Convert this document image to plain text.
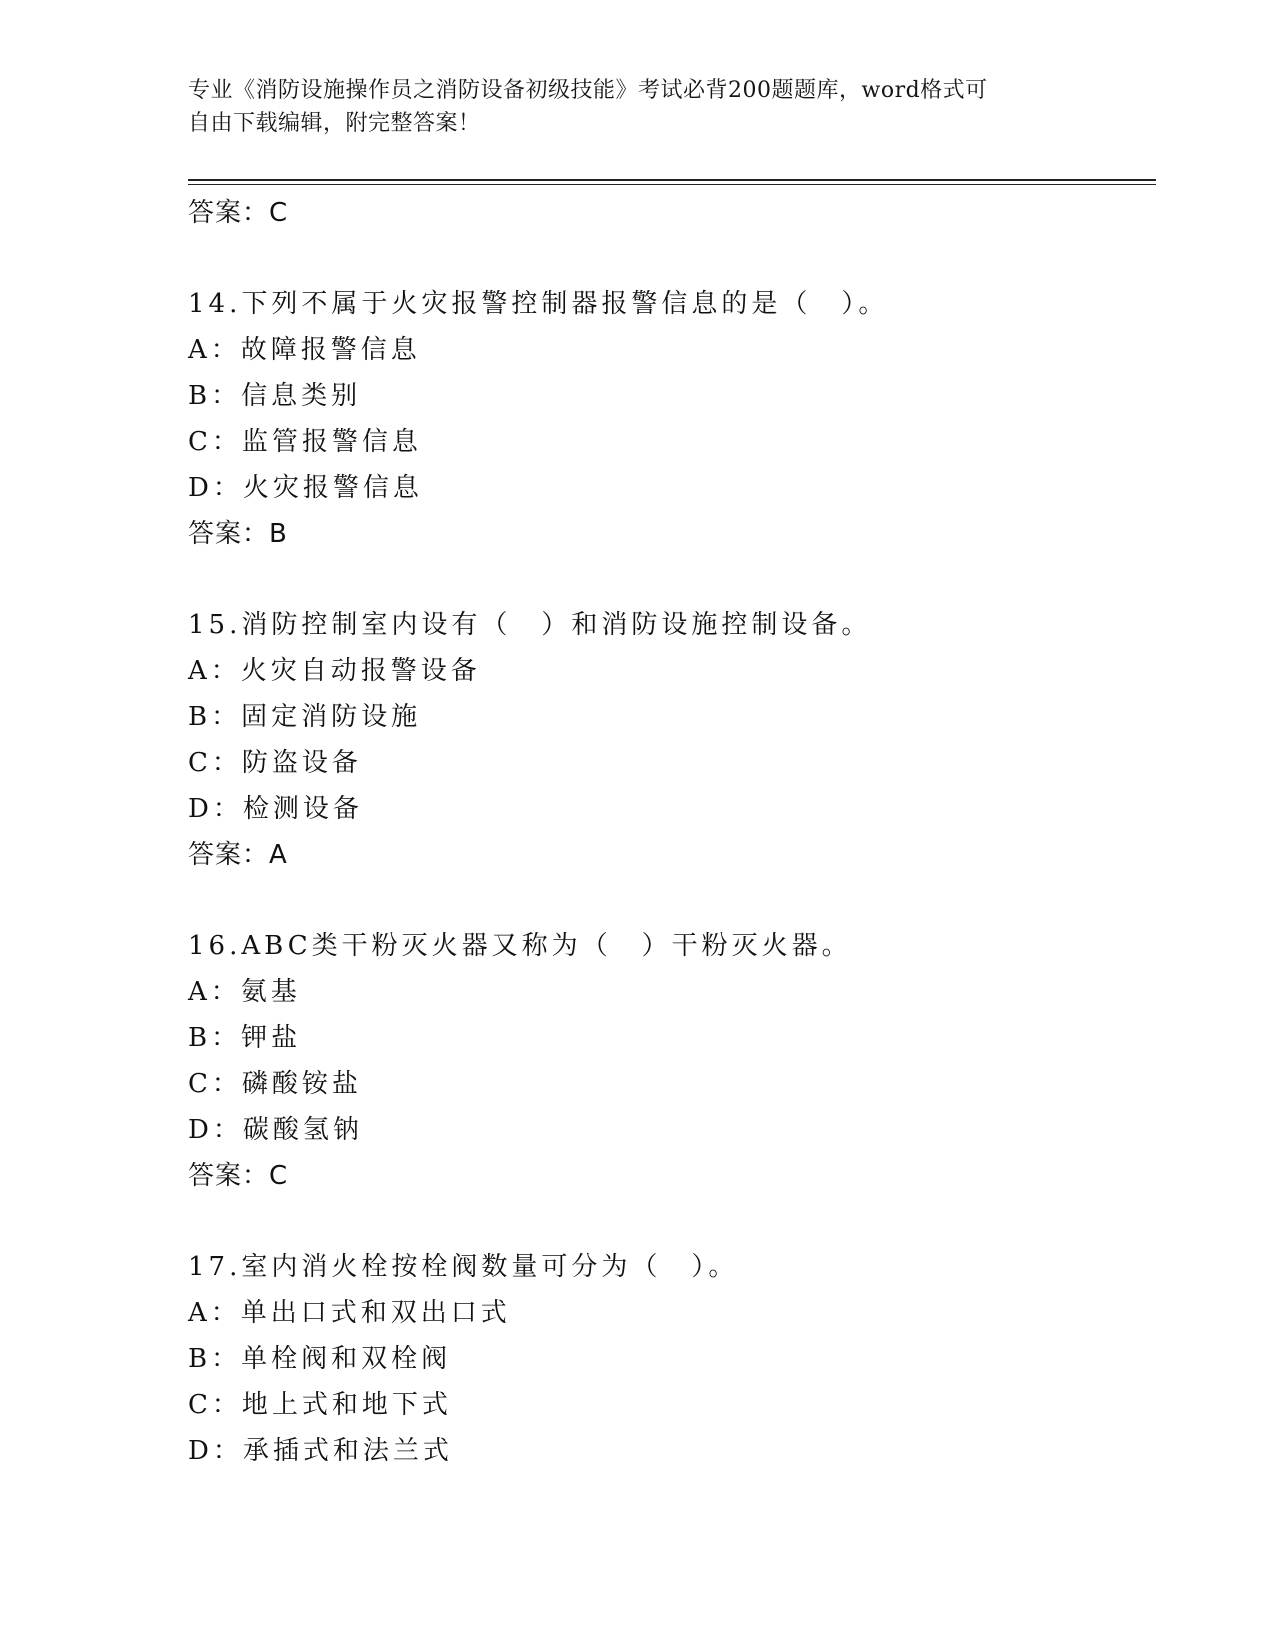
专业《消防设施操作员之消防设备初级技能》考试必背200题题库，word格式可
自由下载编辑，附完整答案！
答案：C
14.下列不属于火灾报警控制器报警信息的是（　）。
A：故障报警信息
B：信息类别
C：监管报警信息
D：火灾报警信息
答案：B
15.消防控制室内设有（　）和消防设施控制设备。
A：火灾自动报警设备
B：固定消防设施
C：防盗设备
D：检测设备
答案：A
16.ABC类干粉灭火器又称为（　）干粉灭火器。
A：氨基
B：钾盐
C：磷酸铵盐
D：碳酸氢钠
答案：C
17.室内消火栓按栓阀数量可分为（　）。
A：单出口式和双出口式
B：单栓阀和双栓阀
C：地上式和地下式
D：承插式和法兰式
